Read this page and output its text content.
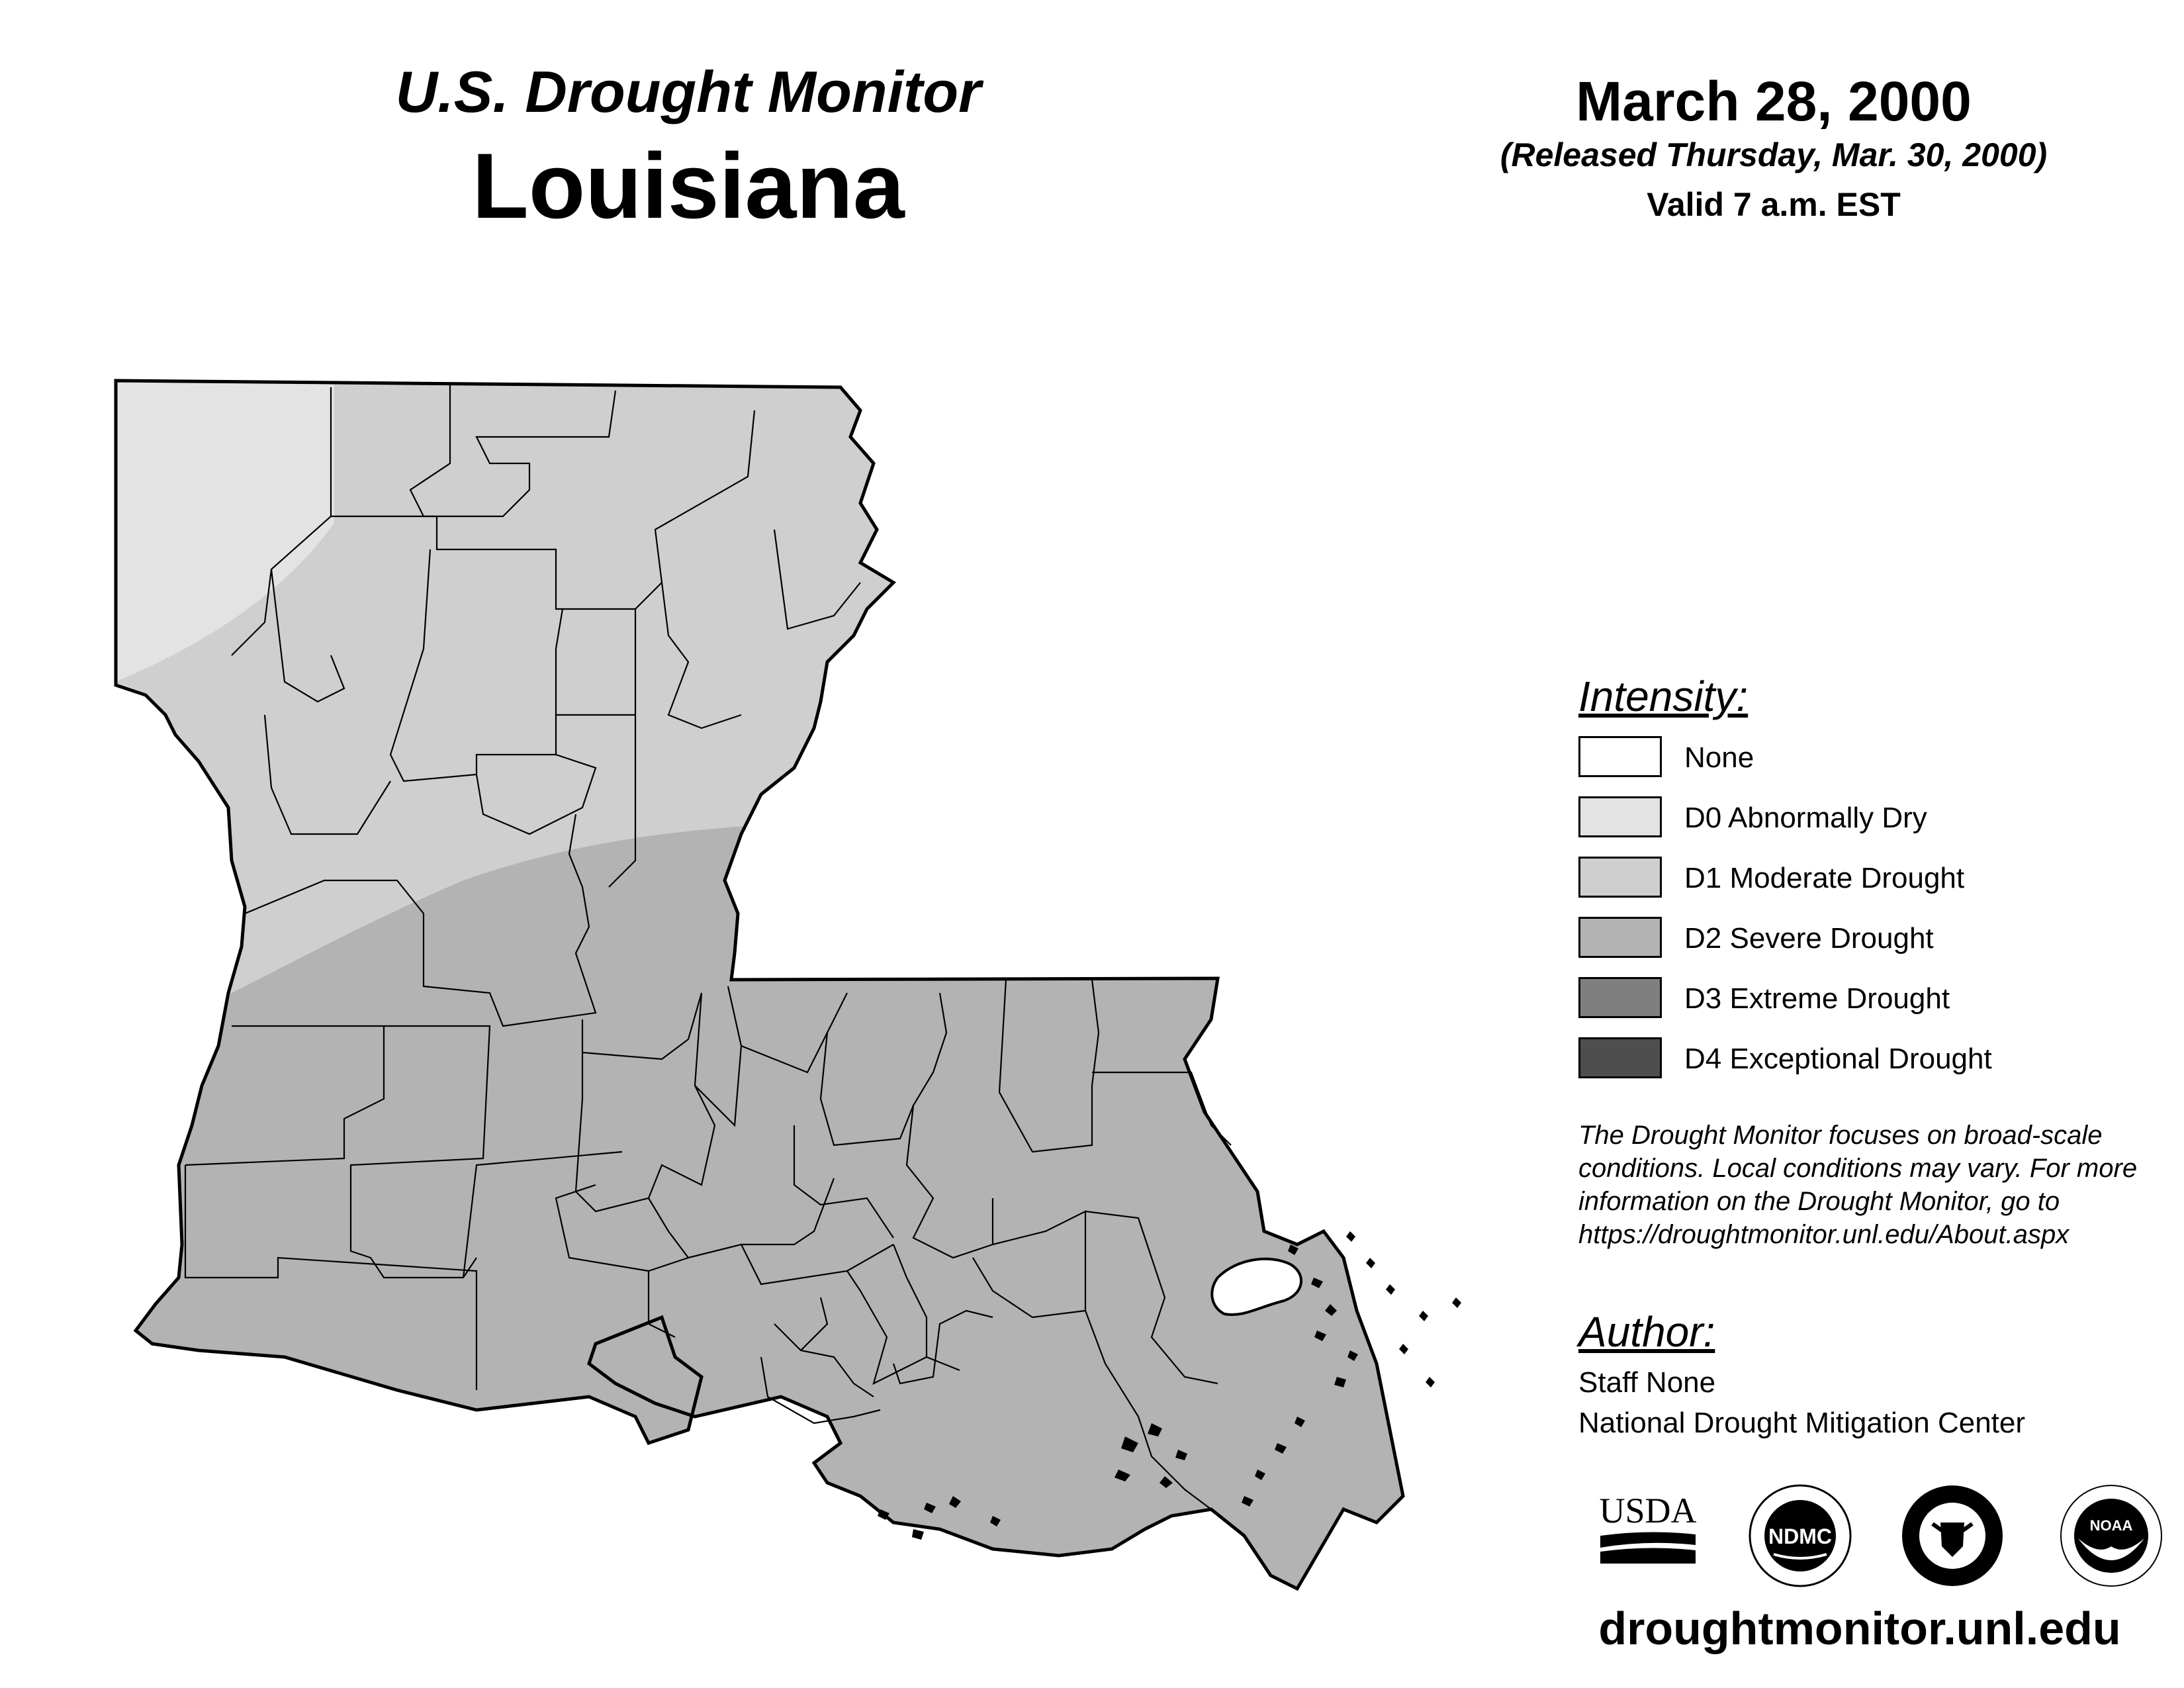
U.S. Drought Monitor
Louisiana
March 28, 2000
(Released Thursday, Mar. 30, 2000)
Valid 7 a.m. EST
Intensity:
None
D0 Abnormally Dry
D1 Moderate Drought
D2 Severe Drought
D3 Extreme Drought
D4 Exceptional Drought
The Drought Monitor focuses on broad-scale
conditions. Local conditions may vary. For more
information on the Drought Monitor, go to
https://droughtmonitor.unl.edu/About.aspx
Author:
Staff None
National Drought Mitigation Center
USDA
NDMC	NOAA
droughtmonitor.unl.edu
